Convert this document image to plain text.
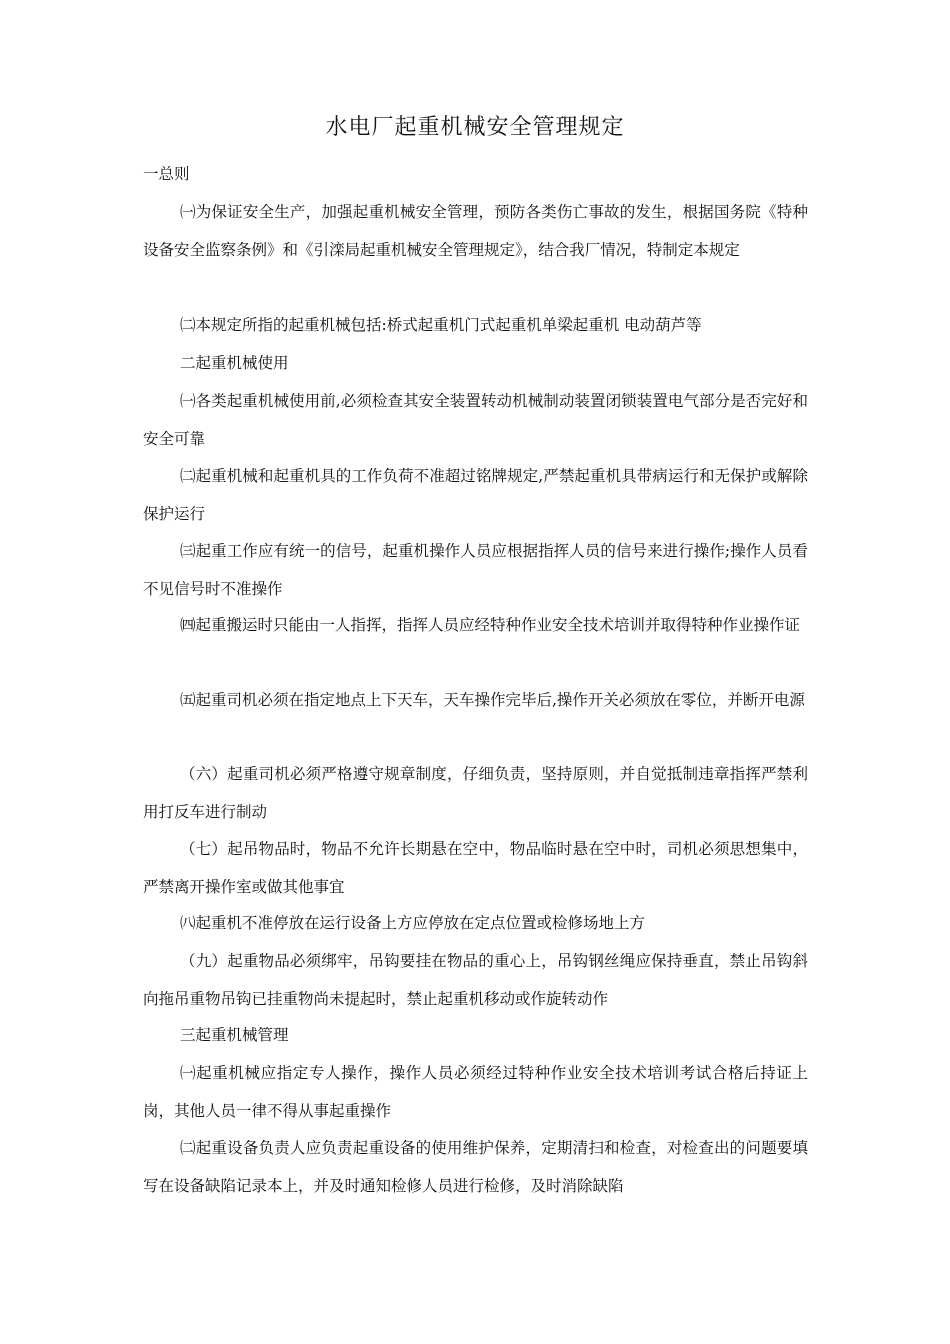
水电厂起重机械安全管理规定
一总则
㈠为保证安全生产，加强起重机械安全管理，预防各类伤亡事故的发生，根据国务院《特种设备安全监察条例》和《引滦局起重机械安全管理规定》，结合我厂情况，特制定本规定
㈡本规定所指的起重机械包括:桥式起重机门式起重机单梁起重机 电动葫芦等
二起重机械使用
㈠各类起重机械使用前,必须检查其安全装置转动机械制动装置闭锁装置电气部分是否完好和安全可靠
㈡起重机械和起重机具的工作负荷不准超过铭牌规定,严禁起重机具带病运行和无保护或解除保护运行
㈢起重工作应有统一的信号，起重机操作人员应根据指挥人员的信号来进行操作;操作人员看不见信号时不准操作
㈣起重搬运时只能由一人指挥，指挥人员应经特种作业安全技术培训并取得特种作业操作证
㈤起重司机必须在指定地点上下天车，天车操作完毕后,操作开关必须放在零位，并断开电源
（六）起重司机必须严格遵守规章制度，仔细负责，坚持原则，并自觉抵制违章指挥严禁利用打反车进行制动
（七）起吊物品时，物品不允许长期悬在空中，物品临时悬在空中时，司机必须思想集中，严禁离开操作室或做其他事宜
㈧起重机不准停放在运行设备上方应停放在定点位置或检修场地上方
（九）起重物品必须绑牢，吊钩要挂在物品的重心上，吊钩钢丝绳应保持垂直，禁止吊钩斜向拖吊重物吊钩已挂重物尚未提起时，禁止起重机移动或作旋转动作
三起重机械管理
㈠起重机械应指定专人操作，操作人员必须经过特种作业安全技术培训考试合格后持证上岗，其他人员一律不得从事起重操作
㈡起重设备负责人应负责起重设备的使用维护保养，定期清扫和检查，对检查出的问题要填写在设备缺陷记录本上，并及时通知检修人员进行检修，及时消除缺陷
